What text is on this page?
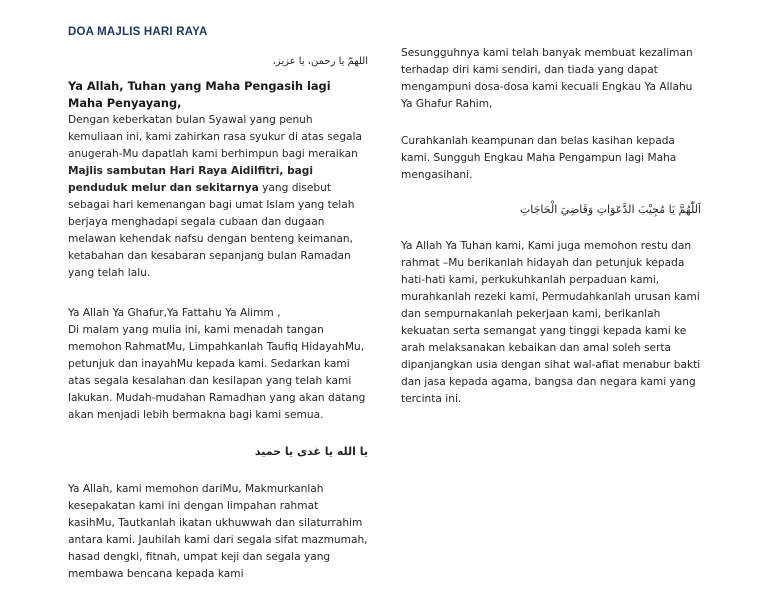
DOA MAJLIS HARI RAYA

اللهمّ يا رحمن، يا عزيز،

Ya Allah, Tuhan yang Maha Pengasih lagi Maha Penyayang,

Dengan keberkatan bulan Syawal yang penuh kemuliaan ini, kami zahirkan rasa syukur di atas segala anugerah-Mu dapatlah kami berhimpun bagi meraikan Majlis sambutan Hari Raya Aidilfitri, bagi penduduk melur dan sekitarnya yang disebut sebagai hari kemenangan bagi umat Islam yang telah berjaya menghadapi segala cubaan dan dugaan melawan kehendak nafsu dengan benteng keimanan, ketabahan dan kesabaran sepanjang bulan Ramadan yang telah lalu.

Ya Allah Ya Ghafur,Ya Fattahu Ya Alimm ,

Di malam yang mulia ini, kami menadah tangan memohon RahmatMu, Limpahkanlah Taufiq HidayahMu, petunjuk dan inayahMu kepada kami. Sedarkan kami atas segala kesalahan dan kesilapan yang telah kami lakukan. Mudah-mudahan Ramadhan yang akan datang akan menjadi lebih bermakna bagi kami semua.

يا الله يا غدى يا حميد

Ya Allah, kami memohon dariMu, Makmurkanlah kesepakatan kami ini dengan limpahan rahmat kasihMu, Tautkanlah ikatan ukhuwwah dan silaturrahim antara kami. Jauhilah kami dari segala sifat mazmumah, hasad dengki, fitnah, umpat keji dan segala yang membawa bencana kepada kami

Sesungguhnya kami telah banyak membuat kezaliman terhadap diri kami sendiri, dan tiada yang dapat mengampuni dosa-dosa kami kecuali Engkau Ya Allahu Ya Ghafur Rahim,

Curahkanlah keampunan dan belas kasihan kepada kami. Sungguh Engkau Maha Pengampun lagi Maha mengasihani.

اَللّٰهُمَّ يَا مُجِيْبَ الدَّعَوَاتِ وَقَاضِيَ الْحَاجَاتِ

Ya Allah Ya Tuhan kami, Kami juga memohon restu dan rahmat –Mu berikanlah hidayah dan petunjuk kepada hati-hati kami, perkukuhkanlah perpaduan kami, murahkanlah rezeki kami, Permudahkanlah urusan kami dan sempurnakanlah pekerjaan kami, berikanlah kekuatan serta semangat yang tinggi kepada kami ke arah melaksanakan kebaikan dan amal soleh serta dipanjangkan usia dengan sihat wal-afiat menabur bakti dan jasa kepada agama, bangsa dan negara kami yang tercinta ini.
